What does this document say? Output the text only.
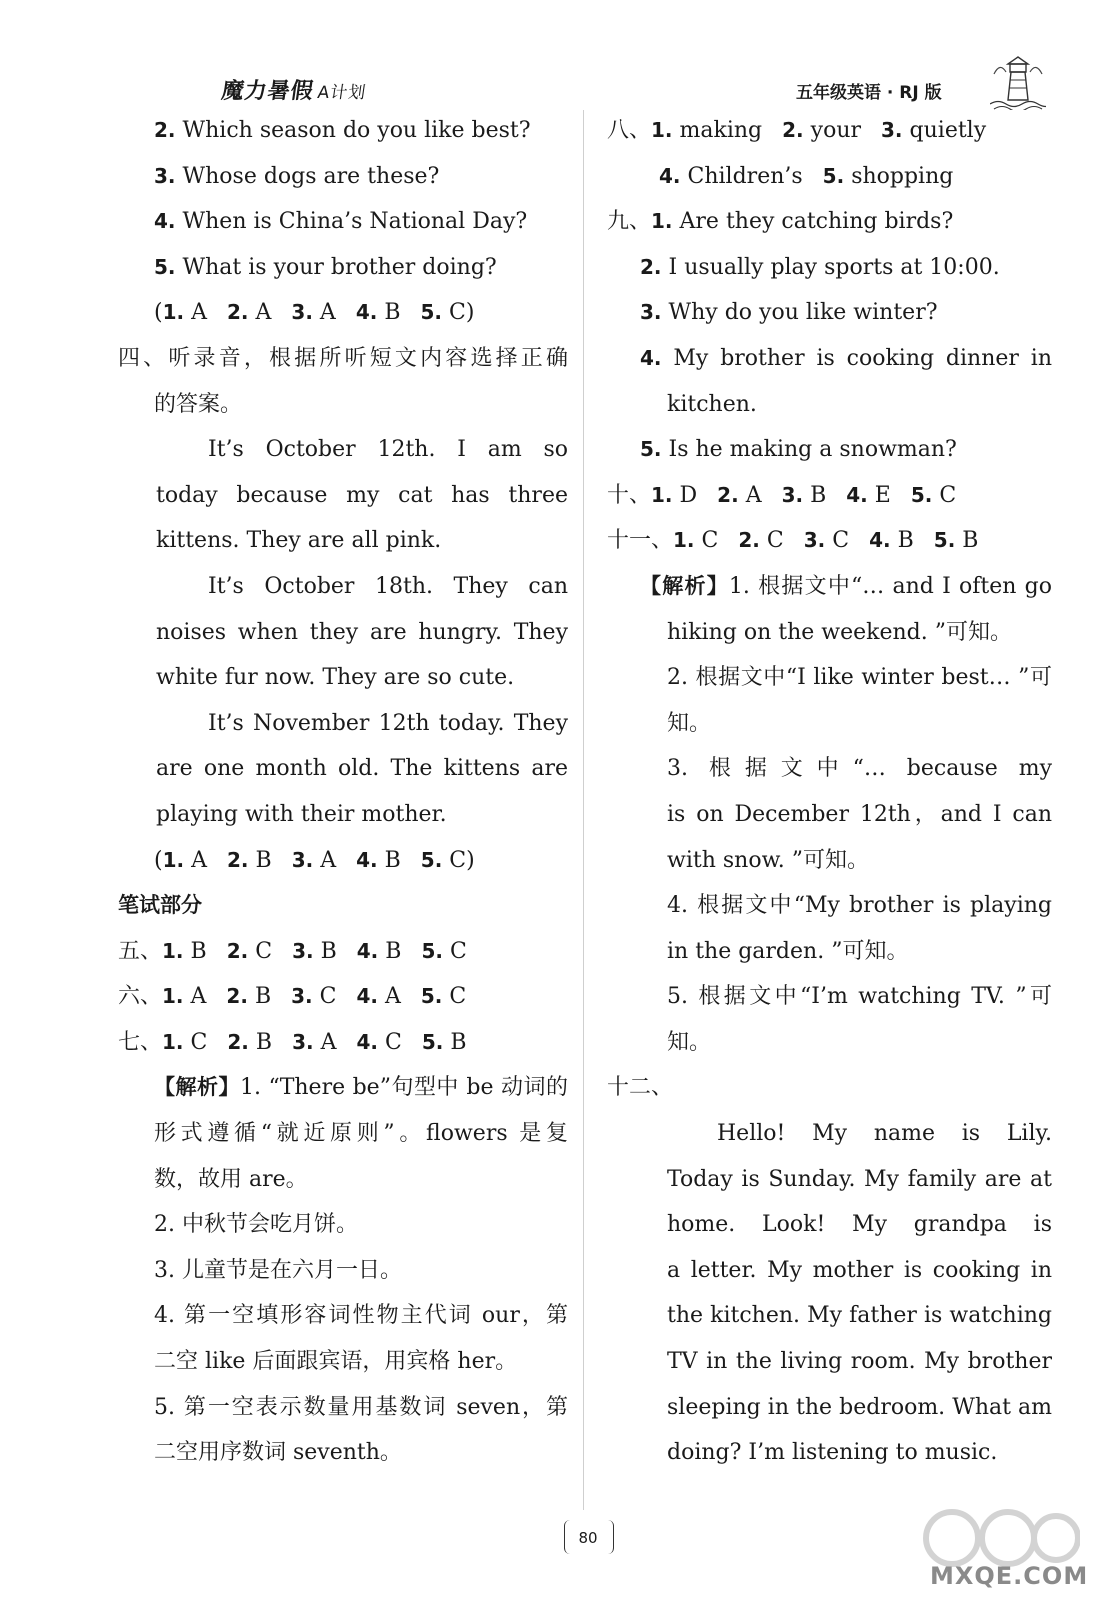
魔力暑假A计划	五年级英语 · RJ 版
2. Which season do you like best?
3. Whose dogs are these?
4. When is China’s National Day?
5. What is your brother doing?
(1. A 2. A 3. A 4. B 5. C)
四、听录音，根据所听短文内容选择正确
的答案。
It’s October 12th. I am so
today because my cat has three
kittens. They are all pink.
It’s October 18th. They can
noises when they are hungry. They
white fur now. They are so cute.
It’s November 12th today. They
are one month old. The kittens are
playing with their mother.
(1. A 2. B 3. A 4. B 5. C)
笔试部分
五、1. B 2. C 3. B 4. B 5. C
六、1. A 2. B 3. C 4. A 5. C
七、1. C 2. B 3. A 4. C 5. B
【解析】1. “There be”句型中 be 动词的
形式遵循“就近原则”。flowers 是复
数，故用 are。
2. 中秋节会吃月饼。
3. 儿童节是在六月一日。
4. 第一空填形容词性物主代词 our，第
二空 like 后面跟宾语，用宾格 her。
5. 第一空表示数量用基数词 seven，第
二空用序数词 seventh。
八、1. making 2. your 3. quietly
4. Children’s 5. shopping
九、1. Are they catching birds?
2. I usually play sports at 10:00.
3. Why do you like winter?
4. My brother is cooking dinner in
kitchen.
5. Is he making a snowman?
十、1. D 2. A 3. B 4. E 5. C
十一、1. C 2. C 3. C 4. B 5. B
【解析】1. 根据文中“… and I often go
hiking on the weekend. ”可知。
2. 根据文中“I like winter best… ”可
知。
3. 根据文中“… because my
is on December 12th，and I can
with snow. ”可知。
4. 根据文中“My brother is playing
in the garden. ”可知。
5. 根据文中“I’m watching TV. ”可
知。
十二、
Hello! My name is Lily.
Today is Sunday. My family are at
home. Look! My grandpa is
a letter. My mother is cooking in
the kitchen. My father is watching
TV in the living room. My brother
sleeping in the bedroom. What am
doing? I’m listening to music.
80
MXQE.COM
